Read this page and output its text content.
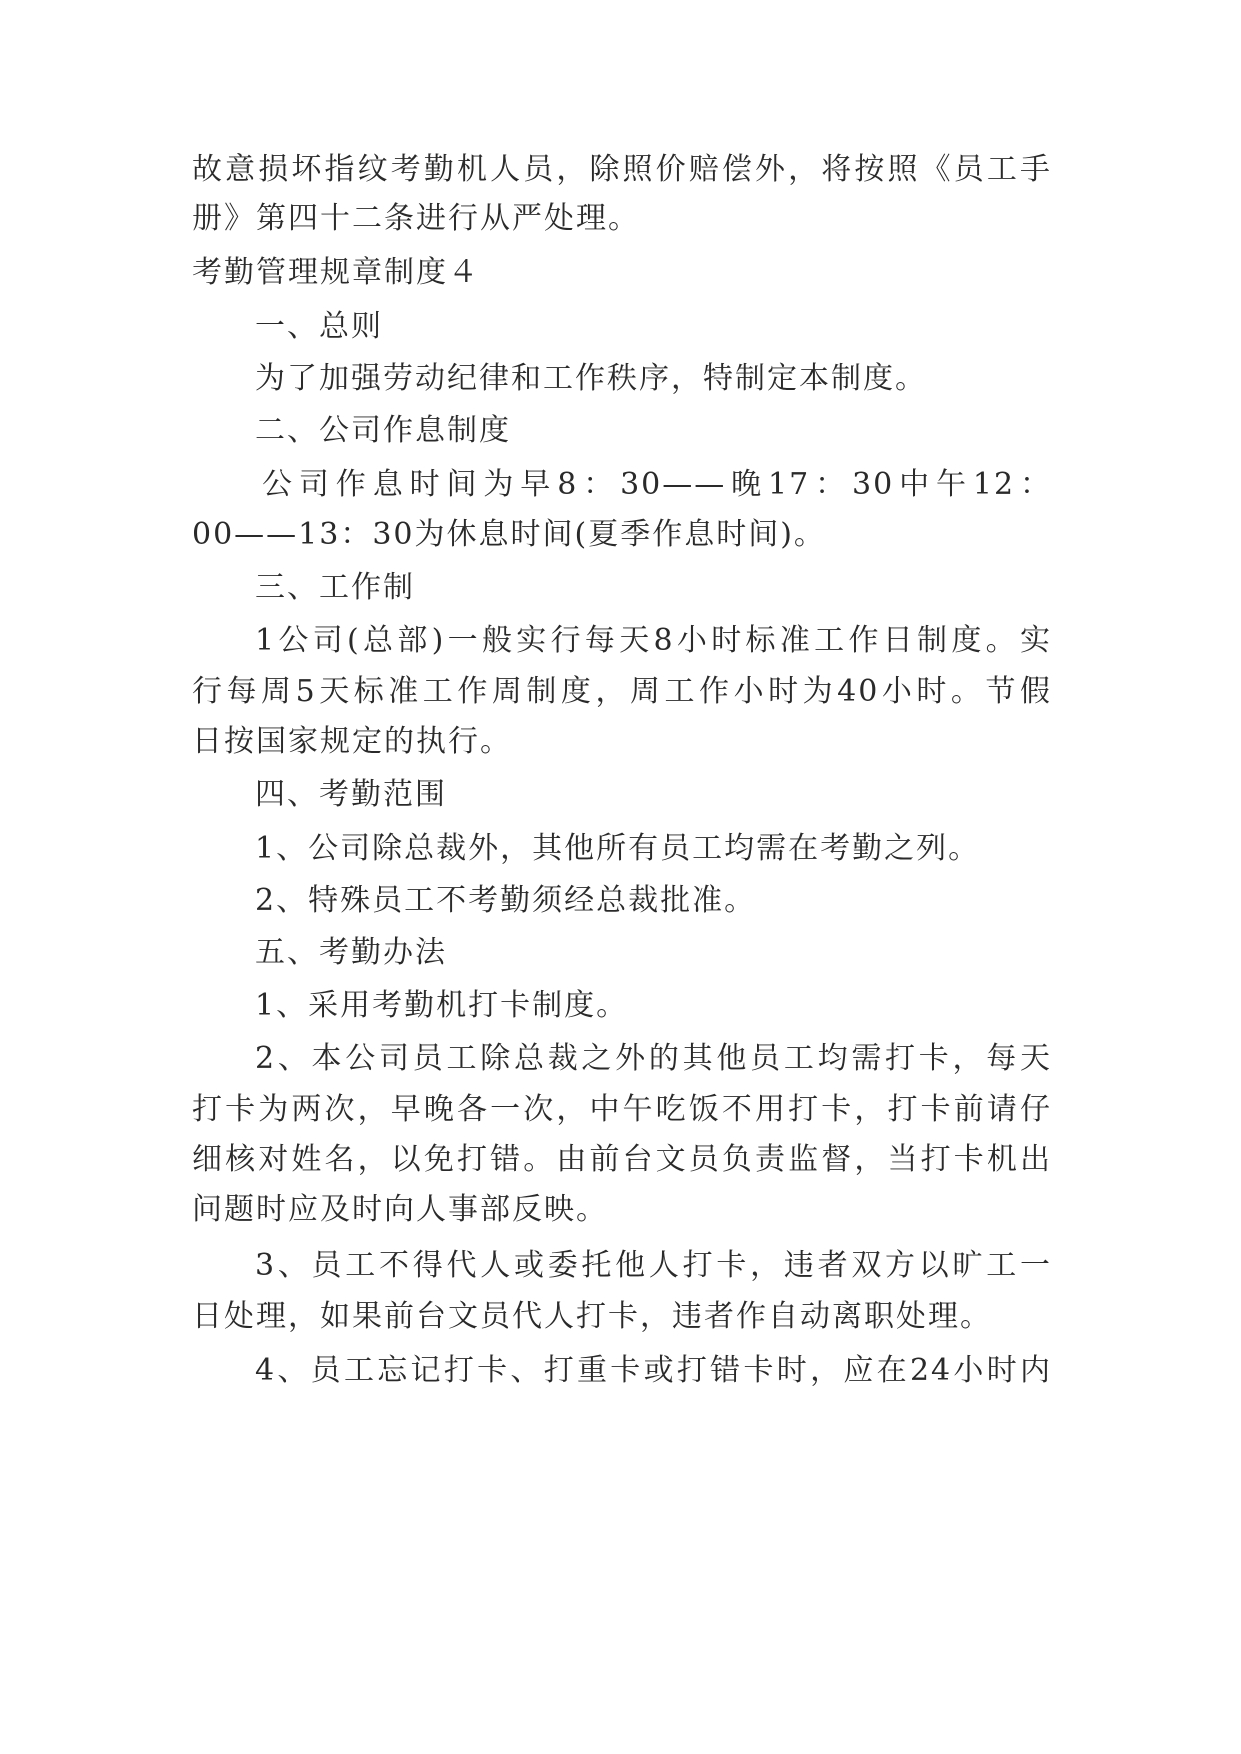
故意损坏指纹考勤机人员，除照价赔偿外，将按照《员工手
册》第四十二条进行从严处理。
考勤管理规章制度４
一、总则
为了加强劳动纪律和工作秩序，特制定本制度。
二、公司作息制度
公司作息时间为早8：30——晚17：30中午12：
00——13：30为休息时间(夏季作息时间)。
三、工作制
1公司(总部)一般实行每天8小时标准工作日制度。实
行每周5天标准工作周制度，周工作小时为40小时。节假
日按国家规定的执行。
四、考勤范围
1、公司除总裁外，其他所有员工均需在考勤之列。
2、特殊员工不考勤须经总裁批准。
五、考勤办法
1、采用考勤机打卡制度。
2、本公司员工除总裁之外的其他员工均需打卡，每天
打卡为两次，早晚各一次，中午吃饭不用打卡，打卡前请仔
细核对姓名，以免打错。由前台文员负责监督，当打卡机出
问题时应及时向人事部反映。
3、员工不得代人或委托他人打卡，违者双方以旷工一
日处理，如果前台文员代人打卡，违者作自动离职处理。
4、员工忘记打卡、打重卡或打错卡时，应在24小时内
